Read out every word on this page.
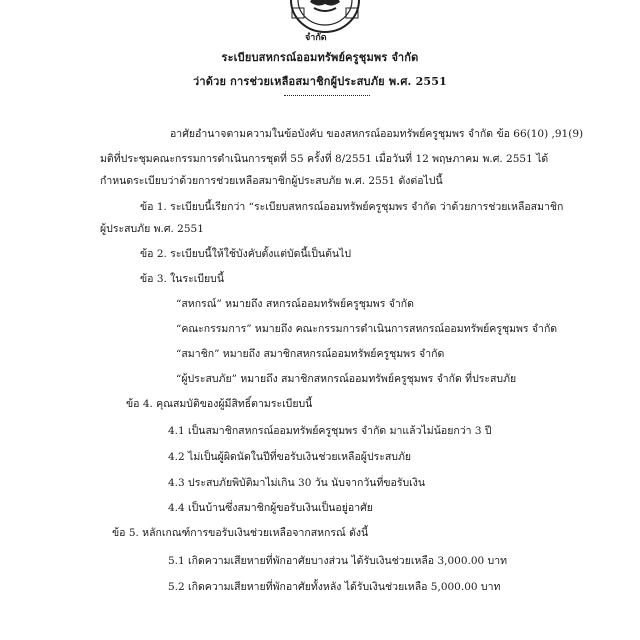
จำกัด
ระเบียบสหกรณ์ออมทรัพย์ครูชุมพร จำกัด
ว่าด้วย การช่วยเหลือสมาชิกผู้ประสบภัย พ.ศ. 2551
อาศัยอำนาจตามความในข้อบังคับ ของสหกรณ์ออมทรัพย์ครูชุมพร จำกัด ข้อ 66(10) ,91(9)
มติที่ประชุมคณะกรรมการดำเนินการชุดที่ 55 ครั้งที่ 8/2551 เมื่อวันที่ 12 พฤษภาคม พ.ศ. 2551 ได้
กำหนดระเบียบว่าด้วยการช่วยเหลือสมาชิกผู้ประสบภัย พ.ศ. 2551 ดังต่อไปนี้
ข้อ 1. ระเบียบนี้เรียกว่า “ระเบียบสหกรณ์ออมทรัพย์ครูชุมพร จำกัด ว่าด้วยการช่วยเหลือสมาชิก
ผู้ประสบภัย พ.ศ. 2551
ข้อ 2. ระเบียบนี้ให้ใช้บังคับตั้งแต่บัดนี้เป็นต้นไป
ข้อ 3. ในระเบียบนี้
“สหกรณ์” หมายถึง สหกรณ์ออมทรัพย์ครูชุมพร จำกัด
“คณะกรรมการ” หมายถึง คณะกรรมการดำเนินการสหกรณ์ออมทรัพย์ครูชุมพร จำกัด
“สมาชิก” หมายถึง สมาชิกสหกรณ์ออมทรัพย์ครูชุมพร จำกัด
“ผู้ประสบภัย” หมายถึง สมาชิกสหกรณ์ออมทรัพย์ครูชุมพร จำกัด ที่ประสบภัย
ข้อ 4. คุณสมบัติของผู้มีสิทธิ์ตามระเบียบนี้
4.1 เป็นสมาชิกสหกรณ์ออมทรัพย์ครูชุมพร จำกัด มาแล้วไม่น้อยกว่า 3 ปี
4.2 ไม่เป็นผู้ผิดนัดในปีที่ขอรับเงินช่วยเหลือผู้ประสบภัย
4.3 ประสบภัยพิบัติมาไม่เกิน 30 วัน นับจากวันที่ขอรับเงิน
4.4 เป็นบ้านซึ่งสมาชิกผู้ขอรับเงินเป็นอยู่อาศัย
ข้อ 5. หลักเกณฑ์การขอรับเงินช่วยเหลือจากสหกรณ์ ดังนี้
5.1 เกิดความเสียหายที่พักอาศัยบางส่วน ได้รับเงินช่วยเหลือ 3,000.00 บาท
5.2 เกิดความเสียหายที่พักอาศัยทั้งหลัง ได้รับเงินช่วยเหลือ 5,000.00 บาท
